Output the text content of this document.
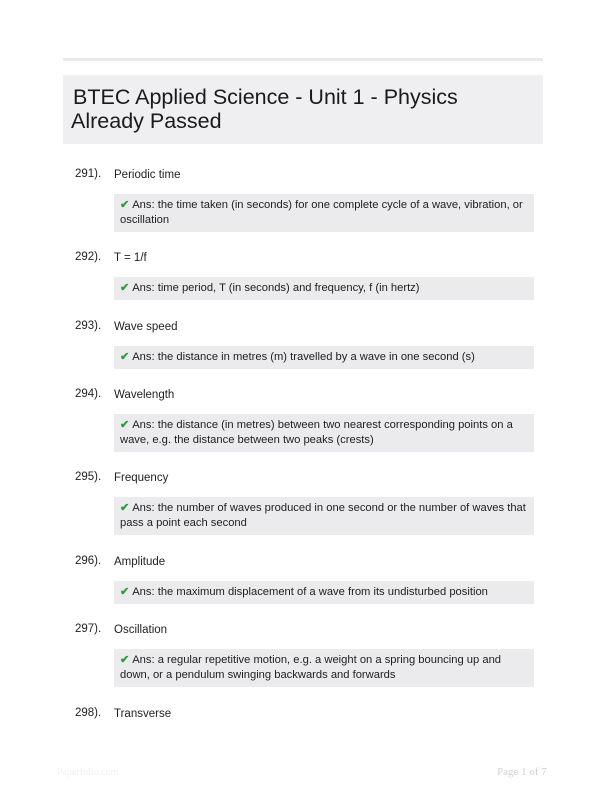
BTEC Applied Science - Unit 1 - Physics Already Passed
291). Periodic time
✔ Ans: the time taken (in seconds) for one complete cycle of a wave, vibration, or oscillation
292). T = 1/f
✔ Ans: time period, T (in seconds) and frequency, f (in hertz)
293). Wave speed
✔ Ans: the distance in metres (m) travelled by a wave in one second (s)
294). Wavelength
✔ Ans: the distance (in metres) between two nearest corresponding points on a wave, e.g. the distance between two peaks (crests)
295). Frequency
✔ Ans: the number of waves produced in one second or the number of waves that pass a point each second
296). Amplitude
✔ Ans: the maximum displacement of a wave from its undisturbed position
297). Oscillation
✔ Ans: a regular repetitive motion, e.g. a weight on a spring bouncing up and down, or a pendulum swinging backwards and forwards
298). Transverse
Paperfolio.com	Page 1 of 7
